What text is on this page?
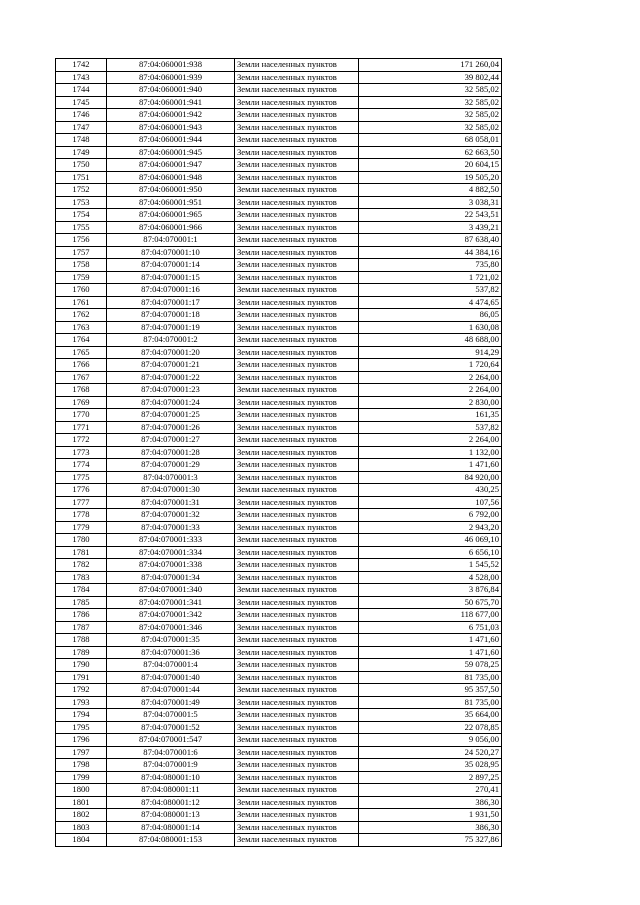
1742	87:04:060001:938	Земли населенных пунктов	171 260,04
1743	87:04:060001:939	Земли населенных пунктов	39 802,44
1744	87:04:060001:940	Земли населенных пунктов	32 585,02
1745	87:04:060001:941	Земли населенных пунктов	32 585,02
1746	87:04:060001:942	Земли населенных пунктов	32 585,02
1747	87:04:060001:943	Земли населенных пунктов	32 585,02
1748	87:04:060001:944	Земли населенных пунктов	68 058,01
1749	87:04:060001:945	Земли населенных пунктов	62 663,50
1750	87:04:060001:947	Земли населенных пунктов	20 604,15
1751	87:04:060001:948	Земли населенных пунктов	19 505,20
1752	87:04:060001:950	Земли населенных пунктов	4 882,50
1753	87:04:060001:951	Земли населенных пунктов	3 038,31
1754	87:04:060001:965	Земли населенных пунктов	22 543,51
1755	87:04:060001:966	Земли населенных пунктов	3 439,21
1756	87:04:070001:1	Земли населенных пунктов	87 638,40
1757	87:04:070001:10	Земли населенных пунктов	44 384,16
1758	87:04:070001:14	Земли населенных пунктов	735,80
1759	87:04:070001:15	Земли населенных пунктов	1 721,02
1760	87:04:070001:16	Земли населенных пунктов	537,82
1761	87:04:070001:17	Земли населенных пунктов	4 474,65
1762	87:04:070001:18	Земли населенных пунктов	86,05
1763	87:04:070001:19	Земли населенных пунктов	1 630,08
1764	87:04:070001:2	Земли населенных пунктов	48 688,00
1765	87:04:070001:20	Земли населенных пунктов	914,29
1766	87:04:070001:21	Земли населенных пунктов	1 720,64
1767	87:04:070001:22	Земли населенных пунктов	2 264,00
1768	87:04:070001:23	Земли населенных пунктов	2 264,00
1769	87:04:070001:24	Земли населенных пунктов	2 830,00
1770	87:04:070001:25	Земли населенных пунктов	161,35
1771	87:04:070001:26	Земли населенных пунктов	537,82
1772	87:04:070001:27	Земли населенных пунктов	2 264,00
1773	87:04:070001:28	Земли населенных пунктов	1 132,00
1774	87:04:070001:29	Земли населенных пунктов	1 471,60
1775	87:04:070001:3	Земли населенных пунктов	84 920,00
1776	87:04:070001:30	Земли населенных пунктов	430,25
1777	87:04:070001:31	Земли населенных пунктов	107,56
1778	87:04:070001:32	Земли населенных пунктов	6 792,00
1779	87:04:070001:33	Земли населенных пунктов	2 943,20
1780	87:04:070001:333	Земли населенных пунктов	46 069,10
1781	87:04:070001:334	Земли населенных пунктов	6 656,10
1782	87:04:070001:338	Земли населенных пунктов	1 545,52
1783	87:04:070001:34	Земли населенных пунктов	4 528,00
1784	87:04:070001:340	Земли населенных пунктов	3 876,84
1785	87:04:070001:341	Земли населенных пунктов	50 675,70
1786	87:04:070001:342	Земли населенных пунктов	118 677,00
1787	87:04:070001:346	Земли населенных пунктов	6 751,03
1788	87:04:070001:35	Земли населенных пунктов	1 471,60
1789	87:04:070001:36	Земли населенных пунктов	1 471,60
1790	87:04:070001:4	Земли населенных пунктов	59 078,25
1791	87:04:070001:40	Земли населенных пунктов	81 735,00
1792	87:04:070001:44	Земли населенных пунктов	95 357,50
1793	87:04:070001:49	Земли населенных пунктов	81 735,00
1794	87:04:070001:5	Земли населенных пунктов	35 664,00
1795	87:04:070001:52	Земли населенных пунктов	22 078,85
1796	87:04:070001:547	Земли населенных пунктов	9 056,00
1797	87:04:070001:6	Земли населенных пунктов	24 520,27
1798	87:04:070001:9	Земли населенных пунктов	35 028,95
1799	87:04:080001:10	Земли населенных пунктов	2 897,25
1800	87:04:080001:11	Земли населенных пунктов	270,41
1801	87:04:080001:12	Земли населенных пунктов	386,30
1802	87:04:080001:13	Земли населенных пунктов	1 931,50
1803	87:04:080001:14	Земли населенных пунктов	386,30
1804	87:04:080001:153	Земли населенных пунктов	75 327,86
